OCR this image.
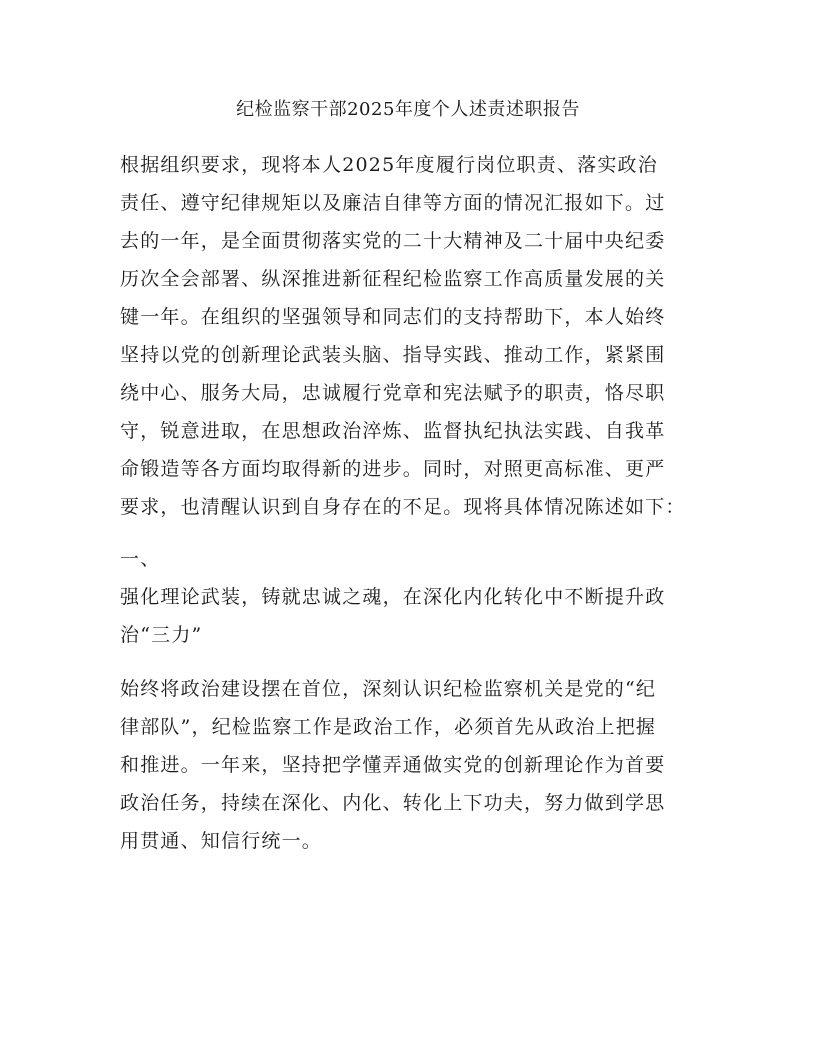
纪检监察干部2025年度个人述责述职报告
根据组织要求，现将本人2025年度履行岗位职责、落实政治
责任、遵守纪律规矩以及廉洁自律等方面的情况汇报如下。过
去的一年，是全面贯彻落实党的二十大精神及二十届中央纪委
历次全会部署、纵深推进新征程纪检监察工作高质量发展的关
键一年。在组织的坚强领导和同志们的支持帮助下，本人始终
坚持以党的创新理论武装头脑、指导实践、推动工作，紧紧围
绕中心、服务大局，忠诚履行党章和宪法赋予的职责，恪尽职
守，锐意进取，在思想政治淬炼、监督执纪执法实践、自我革
命锻造等各方面均取得新的进步。同时，对照更高标准、更严
要求，也清醒认识到自身存在的不足。现将具体情况陈述如下：
一、
强化理论武装，铸就忠诚之魂，在深化内化转化中不断提升政
治“三力”
始终将政治建设摆在首位，深刻认识纪检监察机关是党的“纪
律部队”，纪检监察工作是政治工作，必须首先从政治上把握
和推进。一年来，坚持把学懂弄通做实党的创新理论作为首要
政治任务，持续在深化、内化、转化上下功夫，努力做到学思
用贯通、知信行统一。
